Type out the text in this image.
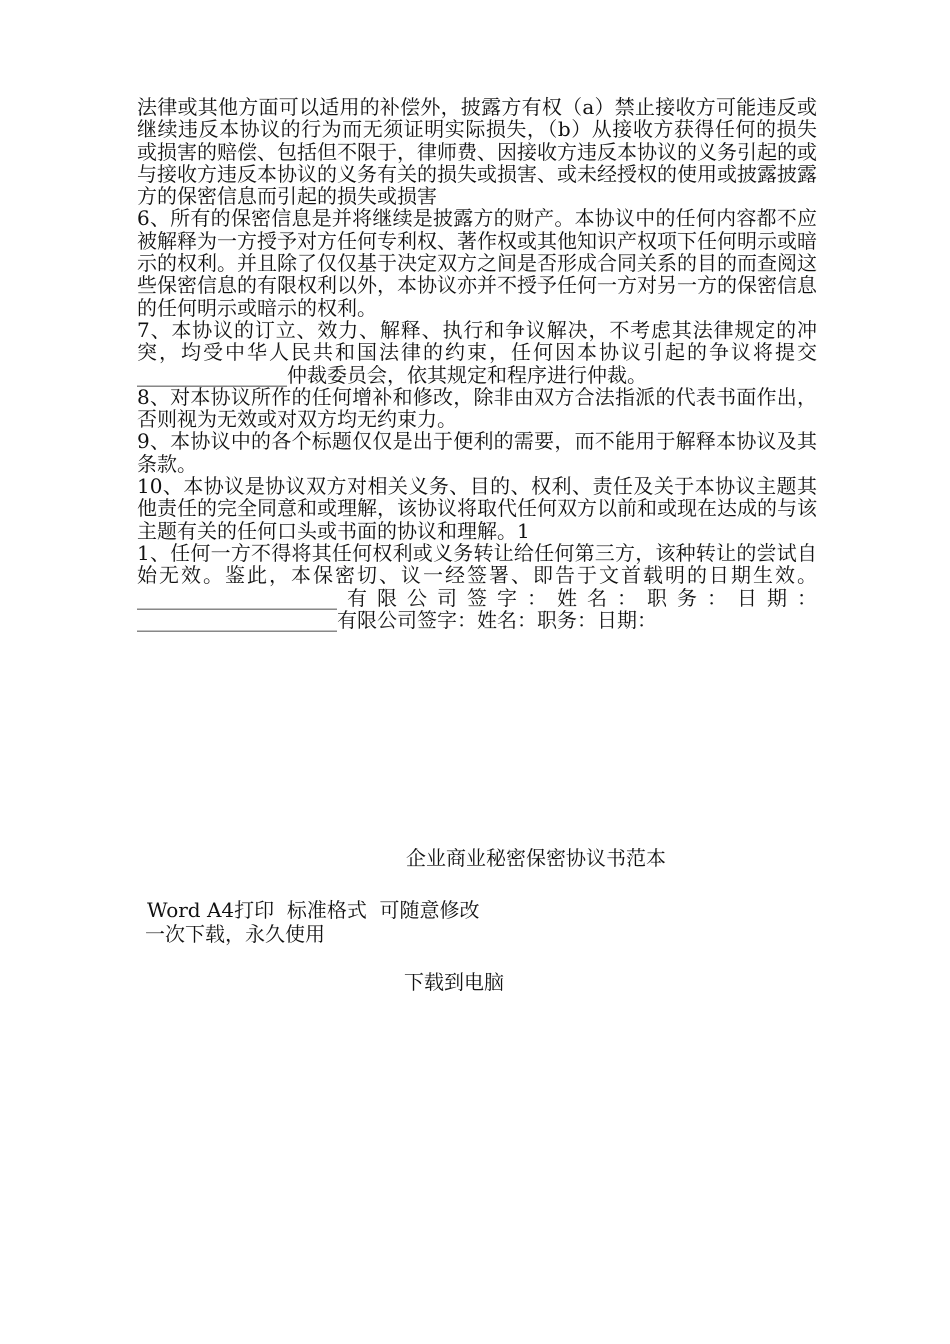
法律或其他方面可以适用的补偿外，披露方有权（a）禁止接收方可能违反或继续违反本协议的行为而无须证明实际损失，（b）从接收方获得任何的损失或损害的赔偿、包括但不限于，律师费、因接收方违反本协议的义务引起的或与接收方违反本协议的义务有关的损失或损害、或未经授权的使用或披露披露方的保密信息而引起的损失或损害

6、所有的保密信息是并将继续是披露方的财产。本协议中的任何内容都不应被解释为一方授予对方任何专利权、著作权或其他知识产权项下任何明示或暗示的权利。并且除了仅仅基于决定双方之间是否形成合同关系的目的而查阅这些保密信息的有限权利以外，本协议亦并不授予任何一方对另一方的保密信息的任何明示或暗示的权利。

7、本协议的订立、效力、解释、执行和争议解决，不考虑其法律规定的冲突，均受中华人民共和国法律的约束，任何因本协议引起的争议将提交_______________仲裁委员会，依其规定和程序进行仲裁。

8、对本协议所作的任何增补和修改，除非由双方合法指派的代表书面作出，否则视为无效或对双方均无约束力。

9、本协议中的各个标题仅仅是出于便利的需要，而不能用于解释本协议及其条款。

10、本协议是协议双方对相关义务、目的、权利、责任及关于本协议主题其他责任的完全同意和或理解，该协议将取代任何双方以前和或现在达成的与该主题有关的任何口头或书面的协议和理解。1

1、任何一方不得将其任何权利或义务转让给任何第三方，该种转让的尝试自始无效。鉴此，本保密切、议一经签署、即告于文首载明的日期生效。____________________有限公司签字：姓名：职务：日期：____________________有限公司签字：姓名：职务：日期：

企业商业秘密保密协议书范本
Word A4打印  标准格式  可随意修改
一次下载，永久使用
下载到电脑
